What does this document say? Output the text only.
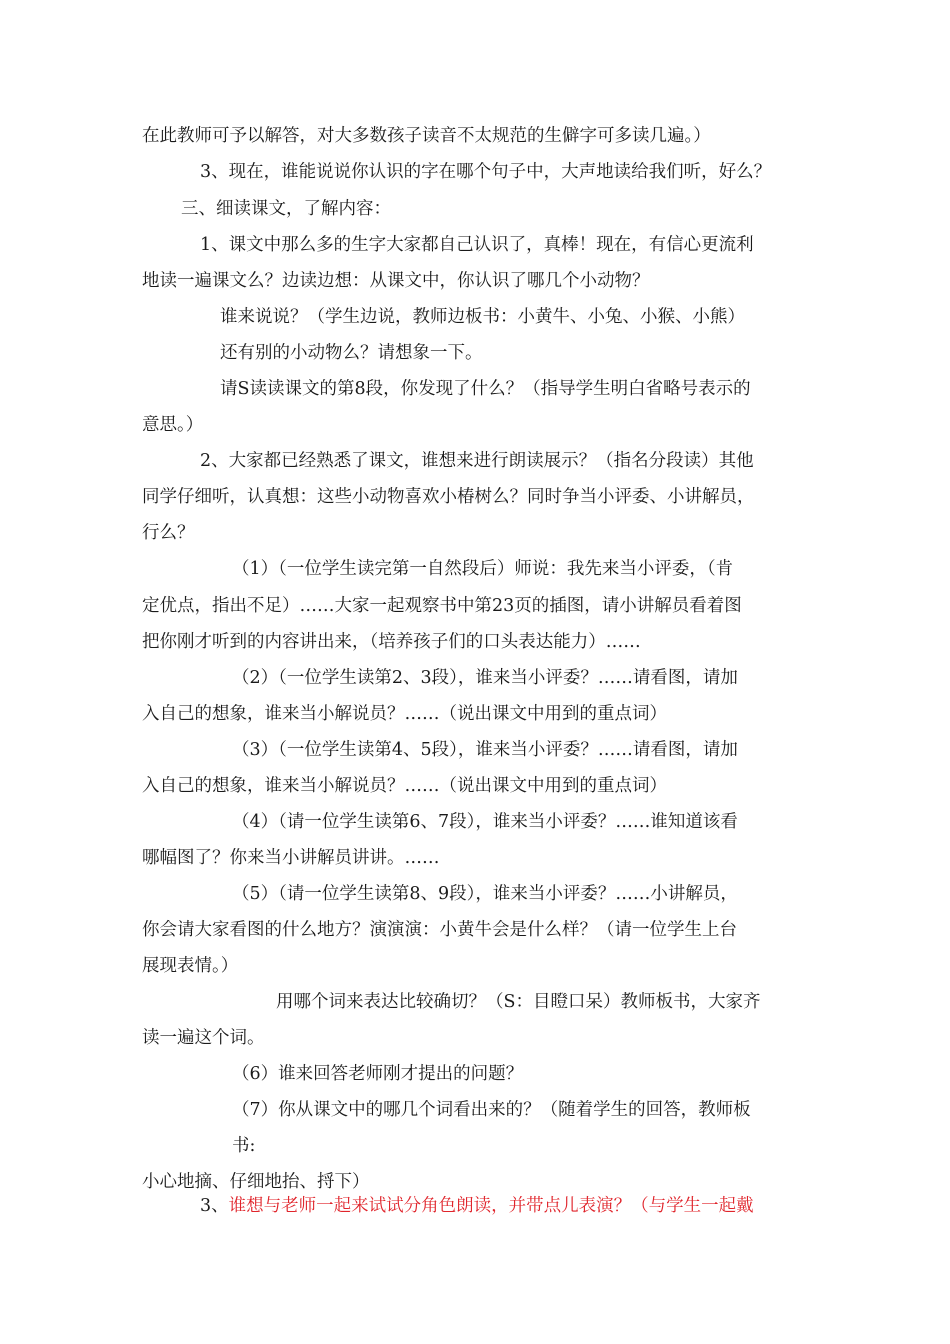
在此教师可予以解答，对大多数孩子读音不太规范的生僻字可多读几遍。）
3、现在，谁能说说你认识的字在哪个句子中，大声地读给我们听，好么？
三、细读课文，了解内容：
1、课文中那么多的生字大家都自己认识了，真棒！现在，有信心更流利
地读一遍课文么？边读边想：从课文中，你认识了哪几个小动物？
谁来说说？（学生边说，教师边板书：小黄牛、小兔、小猴、小熊）
还有别的小动物么？请想象一下。
请S读读课文的第8段，你发现了什么？（指导学生明白省略号表示的
意思。）
2、大家都已经熟悉了课文，谁想来进行朗读展示？（指名分段读）其他
同学仔细听，认真想：这些小动物喜欢小椿树么？同时争当小评委、小讲解员，
行么？
（1）（一位学生读完第一自然段后）师说：我先来当小评委，（肯
定优点，指出不足）……大家一起观察书中第23页的插图，请小讲解员看着图
把你刚才听到的内容讲出来，（培养孩子们的口头表达能力）……
（2）（一位学生读第2、3段），谁来当小评委？……请看图，请加
入自己的想象，谁来当小解说员？……（说出课文中用到的重点词）
（3）（一位学生读第4、5段），谁来当小评委？……请看图，请加
入自己的想象，谁来当小解说员？……（说出课文中用到的重点词）
（4）（请一位学生读第6、7段），谁来当小评委？……谁知道该看
哪幅图了？你来当小讲解员讲讲。……
（5）（请一位学生读第8、9段），谁来当小评委？……小讲解员，
你会请大家看图的什么地方？演演演：小黄牛会是什么样？（请一位学生上台
展现表情。）
用哪个词来表达比较确切？（S：目瞪口呆）教师板书，大家齐
读一遍这个词。
（6）谁来回答老师刚才提出的问题？
（7）你从课文中的哪几个词看出来的？（随着学生的回答，教师板
书:
小心地摘、仔细地抬、捋下）
3、谁想与老师一起来试试分角色朗读，并带点儿表演？（与学生一起戴
